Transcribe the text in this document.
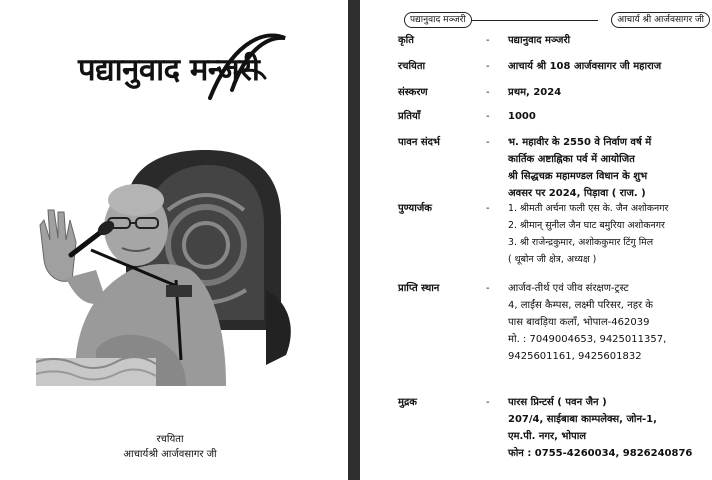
पद्यानुवाद मन्जरी
रचयिता
आचार्यश्री आर्जवसागर जी
पद्यानुवाद मञ्जरी	आचार्य श्री आर्जवसागर जी
कृति	-	पद्यानुवाद मञ्जरी
रचयिता	-	आचार्य श्री 108 आर्जवसागर जी महाराज
संस्करण	-	प्रथम, 2024
प्रतियाँ	-	1000
पावन संदर्भ	-	भ. महावीर के 2550 वे निर्वाण वर्ष में
कार्तिक अष्टाह्निका पर्व में आयोजित
श्री सिद्धचक्र महामण्डल विधान के शुभ
अवसर पर 2024, पिड़ावा ( राज. )
पुण्यार्जक	-	1. श्रीमती अर्चना फली एस के. जैन अशोकनगर
2. श्रीमान् सुनील जैन घाट बमुरिया अशोकनगर
3. श्री राजेन्द्रकुमार, अशोककुमार टिंगु मिल
( थूबोन जी क्षेत्र, अध्यक्ष )
प्राप्ति स्थान	-	आर्जव-तीर्थ एवं जीव संरक्षण-ट्रस्ट
4, लाईंस कैम्पस, लक्ष्मी परिसर, नहर के
पास बावड़िया कलाँ, भोपाल-462039
मो. : 7049004653, 9425011357,
9425601161, 9425601832
मुद्रक	-	पारस प्रिन्टर्स ( पवन जैन )
207/4, साईबाबा काम्पलेक्स, जोन-1,
एम.पी. नगर, भोपाल
फोन : 0755-4260034, 9826240876
